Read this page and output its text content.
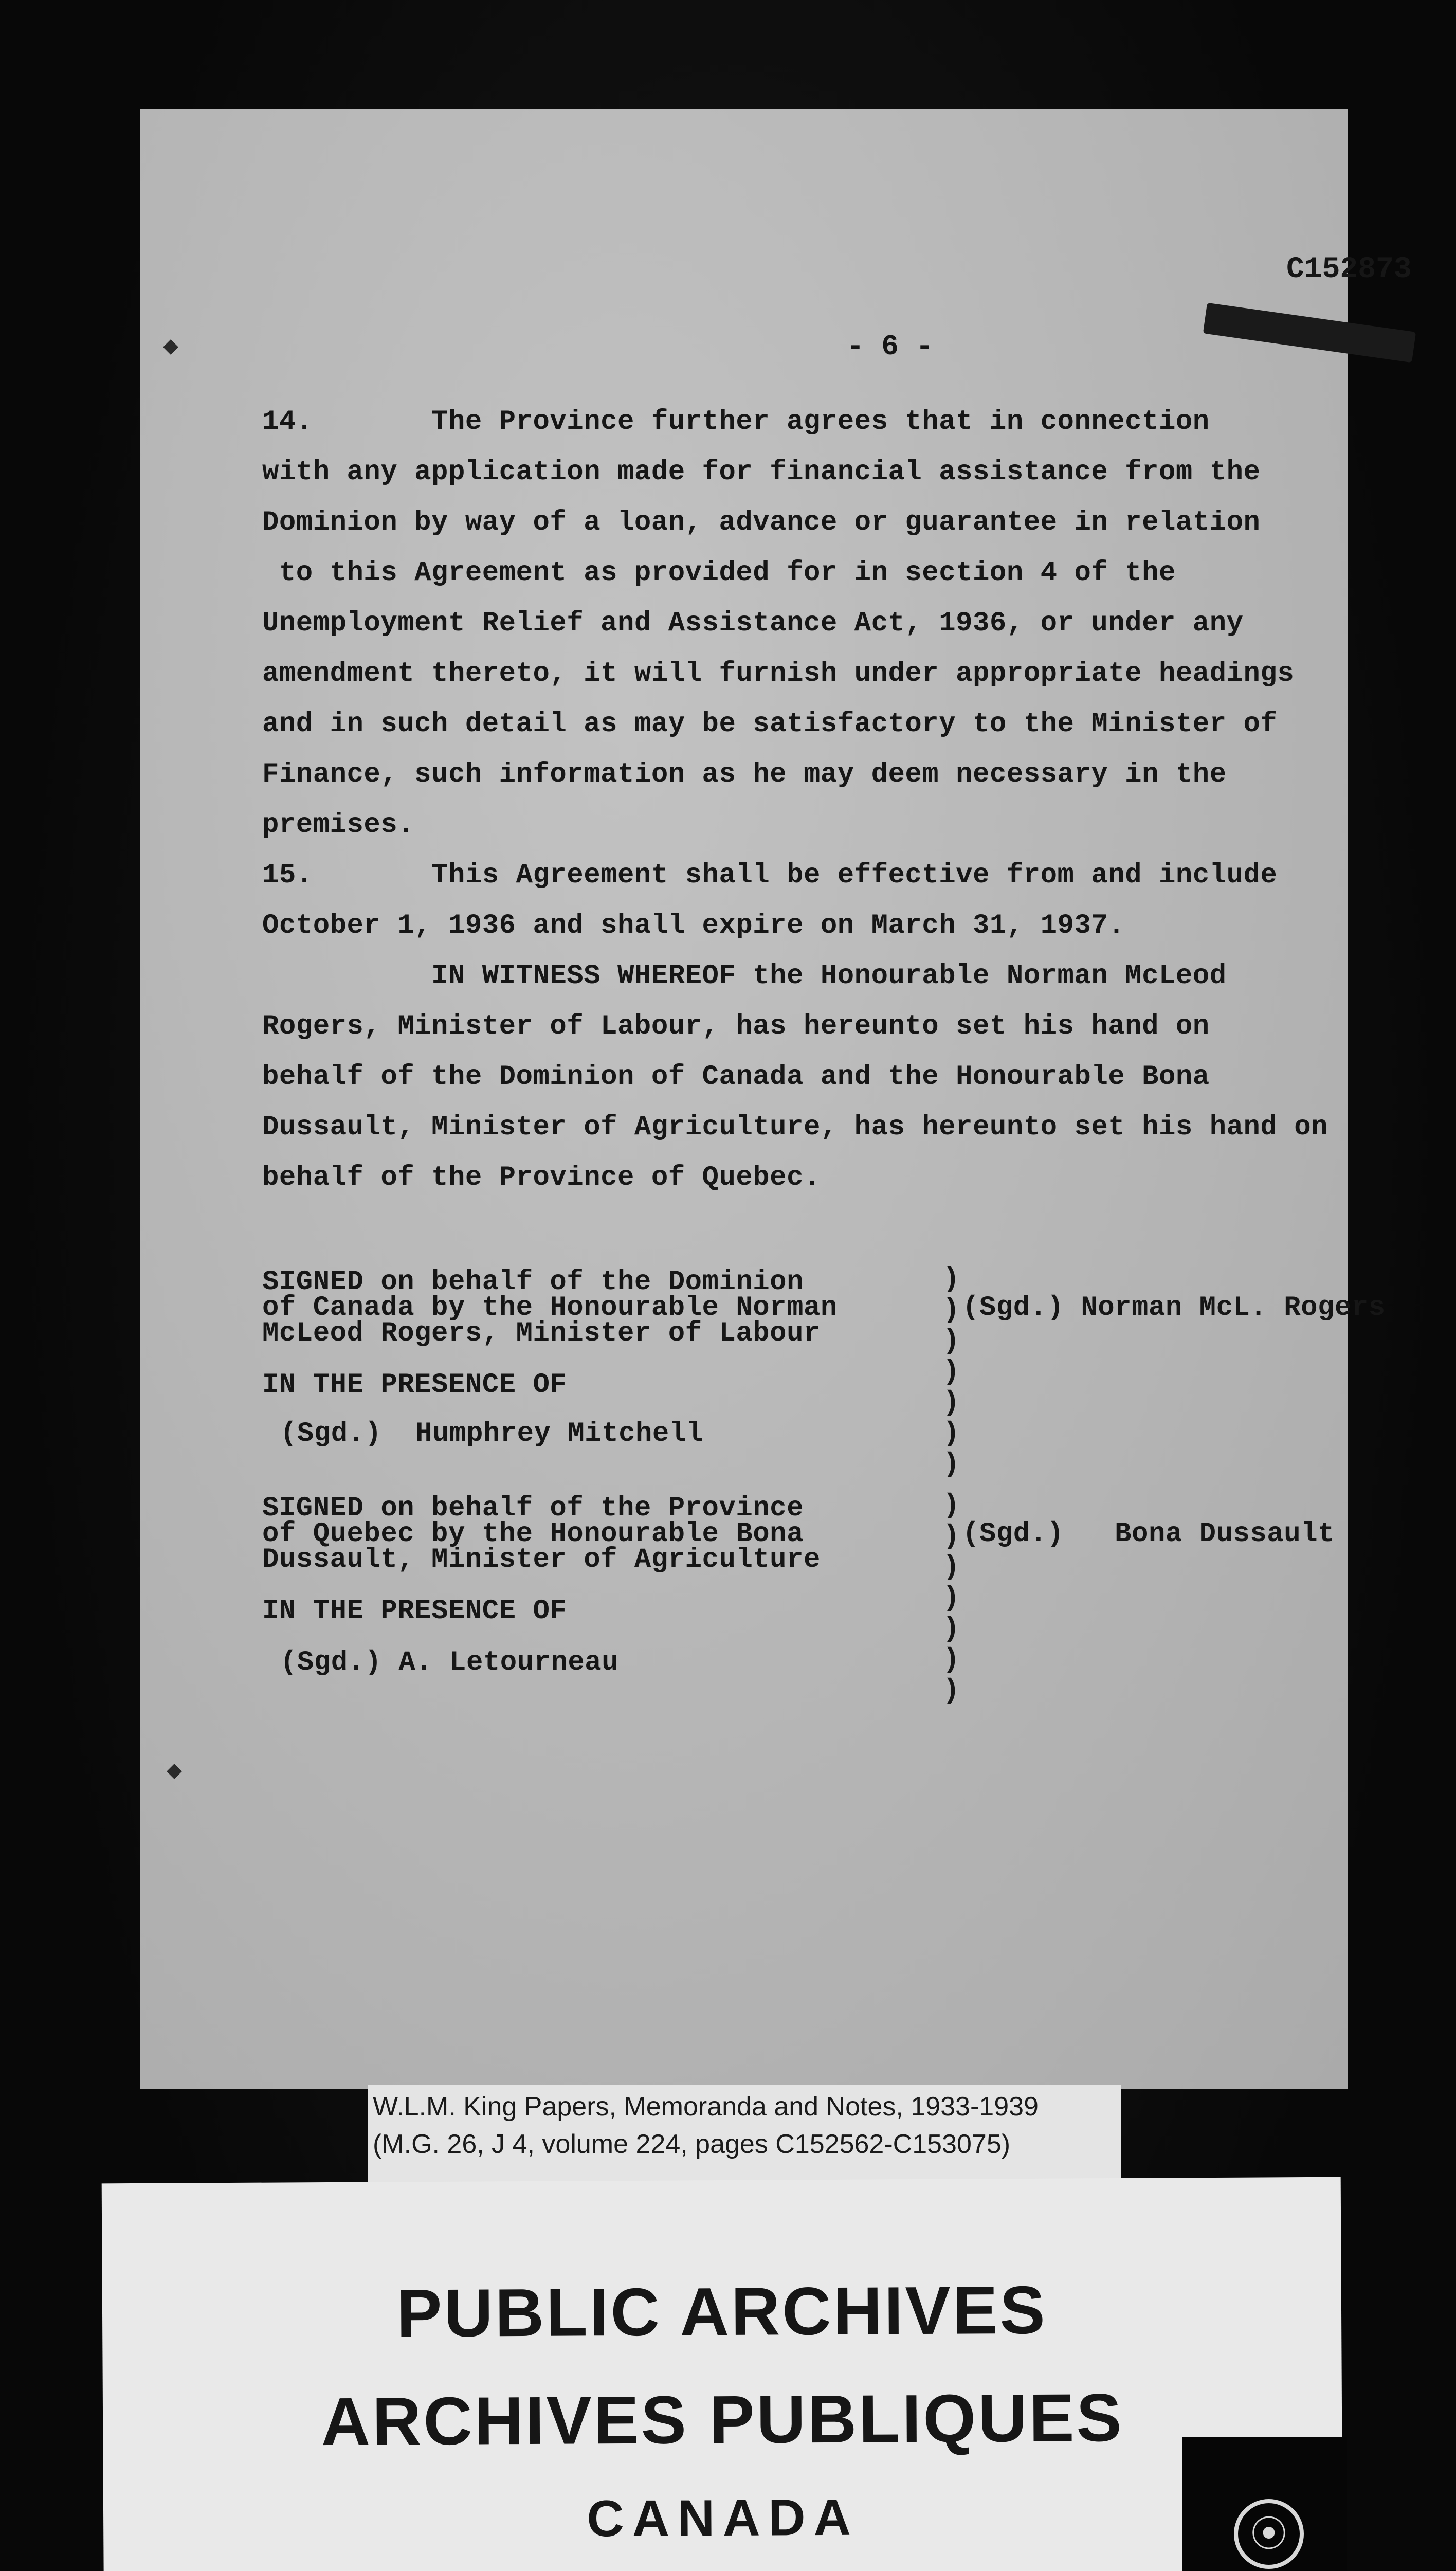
C152873
- 6 -
14.       The Province further agrees that in connection
with any application made for financial assistance from the
Dominion by way of a loan, advance or guarantee in relation
to this Agreement as provided for in section 4 of the
Unemployment Relief and Assistance Act, 1936, or under any
amendment thereto, it will furnish under appropriate headings
and in such detail as may be satisfactory to the Minister of
Finance, such information as he may deem necessary in the
premises.
15.       This Agreement shall be effective from and include
October 1, 1936 and shall expire on March 31, 1937.
IN WITNESS WHEREOF the Honourable Norman McLeod
Rogers, Minister of Labour, has hereunto set his hand on
behalf of the Dominion of Canada and the Honourable Bona
Dussault, Minister of Agriculture, has hereunto set his hand on
behalf of the Province of Quebec.
SIGNED on behalf of the Dominion
of Canada by the Honourable Norman
McLeod Rogers, Minister of Labour
IN THE PRESENCE OF
(Sgd.)  Humphrey Mitchell
(Sgd.) Norman McL. Rogers
SIGNED on behalf of the Province
of Quebec by the Honourable Bona
Dussault, Minister of Agriculture
IN THE PRESENCE OF
(Sgd.) A. Letourneau
(Sgd.)   Bona Dussault
)
)
)
)
)
)
)
)
)
)
)
)
)
)
◆
◆
W.L.M. King Papers, Memoranda and Notes, 1933-1939
(M.G. 26, J 4, volume 224, pages C152562-C153075)
PUBLIC ARCHIVES
ARCHIVES PUBLIQUES
CANADA	⦿
